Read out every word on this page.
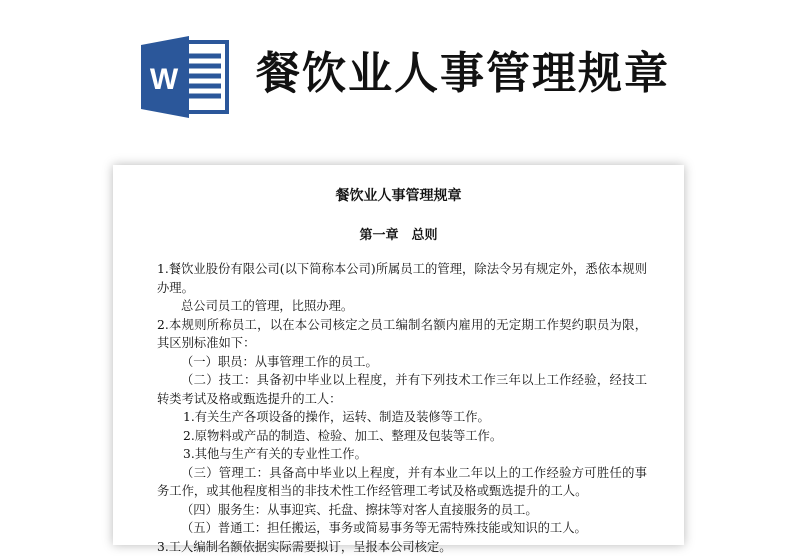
W 餐饮业人事管理规章
餐饮业人事管理规章
第一章　总则

1.餐饮业股份有限公司(以下简称本公司)所属员工的管理，除法令另有规定外，悉依本规则办理。

总公司员工的管理，比照办理。

2.本规则所称员工，以在本公司核定之员工编制名额内雇用的无定期工作契约职员为限，其区别标准如下：

（一）职员：从事管理工作的员工。

（二）技工：具备初中毕业以上程度，并有下列技术工作三年以上工作经验，经技工转类考试及格或甄选提升的工人：

1.有关生产各项设备的操作，运转、制造及装修等工作。

2.原物料或产品的制造、检验、加工、整理及包装等工作。

3.其他与生产有关的专业性工作。

（三）管理工：具备高中毕业以上程度，并有本业二年以上的工作经验方可胜任的事务工作，或其他程度相当的非技术性工作经管理工考试及格或甄选提升的工人。

（四）服务生：从事迎宾、托盘、擦抹等对客人直接服务的员工。

（五）普通工：担任搬运，事务或简易事务等无需特殊技能或知识的工人。

3.工人编制名额依据实际需要拟订，呈报本公司核定。
